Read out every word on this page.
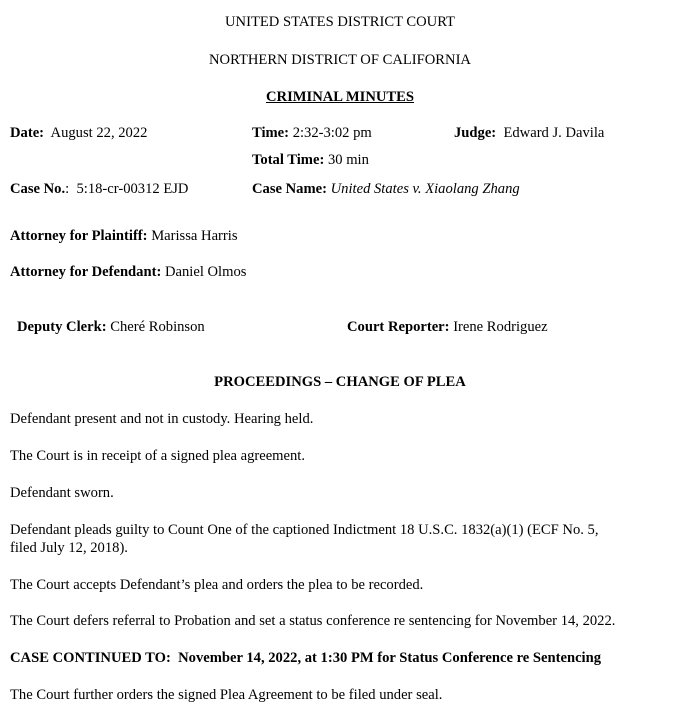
UNITED STATES DISTRICT COURT
NORTHERN DISTRICT OF CALIFORNIA
CRIMINAL MINUTES
Date: August 22, 2022	Time: 2:32-3:02 pm	Judge: Edward J. Davila
Total Time: 30 min
Case No.:  5:18-cr-00312 EJD	Case Name: United States v. Xiaolang Zhang
Attorney for Plaintiff: Marissa Harris
Attorney for Defendant: Daniel Olmos
Deputy Clerk: Cheré Robinson	Court Reporter: Irene Rodriguez
PROCEEDINGS – CHANGE OF PLEA
Defendant present and not in custody. Hearing held.
The Court is in receipt of a signed plea agreement.
Defendant sworn.
Defendant pleads guilty to Count One of the captioned Indictment 18 U.S.C. 1832(a)(1) (ECF No. 5,
filed July 12, 2018).
The Court accepts Defendant’s plea and orders the plea to be recorded.
The Court defers referral to Probation and set a status conference re sentencing for November 14, 2022.
CASE CONTINUED TO: November 14, 2022, at 1:30 PM for Status Conference re Sentencing
The Court further orders the signed Plea Agreement to be filed under seal.
